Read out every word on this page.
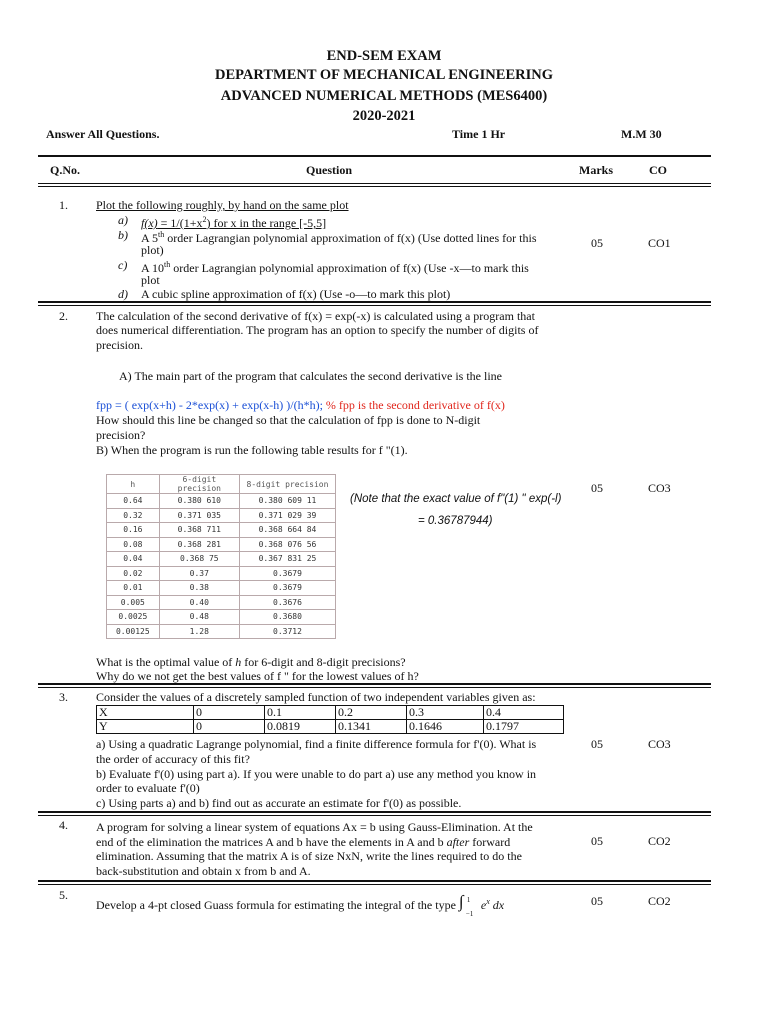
END-SEM EXAM
DEPARTMENT OF MECHANICAL ENGINEERING
ADVANCED NUMERICAL METHODS (MES6400)
2020-2021
Answer All Questions.	Time 1 Hr	M.M 30
Q.No.	Question	Marks	CO
1. Plot the following roughly, by hand on the same plot
a) $f(x) = 1/(1+x^2)$ for x in the range [-5,5]
b) A 5th order Lagrangian polynomial approximation of f(x) (Use dotted lines for this
plot)
c) A 10th order Lagrangian polynomial approximation of f(x) (Use -x—to mark this
plot
d) A cubic spline approximation of f(x) (Use -o—to mark this plot)
05	CO1
2. The calculation of the second derivative of f(x) = exp(-x) is calculated using a program that
does numerical differentiation. The program has an option to specify the number of digits of
precision.
A) The main part of the program that calculates the second derivative is the line
fpp = ( exp(x+h) - 2*exp(x) + exp(x-h) )/(h*h); % fpp is the second derivative of f(x)
How should this line be changed so that the calculation of fpp is done to N-digit
precision?
B) When the program is run the following table results for f "(1).
h	6-digit precision	8-digit precision
0.64	0.380 610	0.380 609 11
0.32	0.371 035	0.371 029 39
0.16	0.368 711	0.368 664 84
0.08	0.368 281	0.368 076 56
0.04	0.368 75	0.367 831 25
0.02	0.37	0.3679
0.01	0.38	0.3679
0.005	0.40	0.3676
0.0025	0.48	0.3680
0.00125	1.28	0.3712
(Note that the exact value of f"(1) " exp(-l)
= 0.36787944)
What is the optimal value of h for 6-digit and 8-digit precisions?
Why do we not get the best values of f " for the lowest values of h?
05	CO3
3. Consider the values of a discretely sampled function of two independent variables given as:
X	0	0.1	0.2	0.3	0.4
Y	0	0.0819	0.1341	0.1646	0.1797
a) Using a quadratic Lagrange polynomial, find a finite difference formula for f'(0). What is
the order of accuracy of this fit?
b) Evaluate f'(0) using part a). If you were unable to do part a) use any method you know in
order to evaluate f'(0)
c) Using parts a) and b) find out as accurate an estimate for f'(0) as possible.
05	CO3
4. A program for solving a linear system of equations Ax = b using Gauss-Elimination. At the
end of the elimination the matrices A and b have the elements in A and b after forward
elimination. Assuming that the matrix A is of size NxN, write the lines required to do the
back-substitution and obtain x from b and A.
05	CO2
5.
Develop a 4-pt closed Guass formula for estimating the integral of the type ∫ 1
−1
$e^x$ dx	05	CO2
